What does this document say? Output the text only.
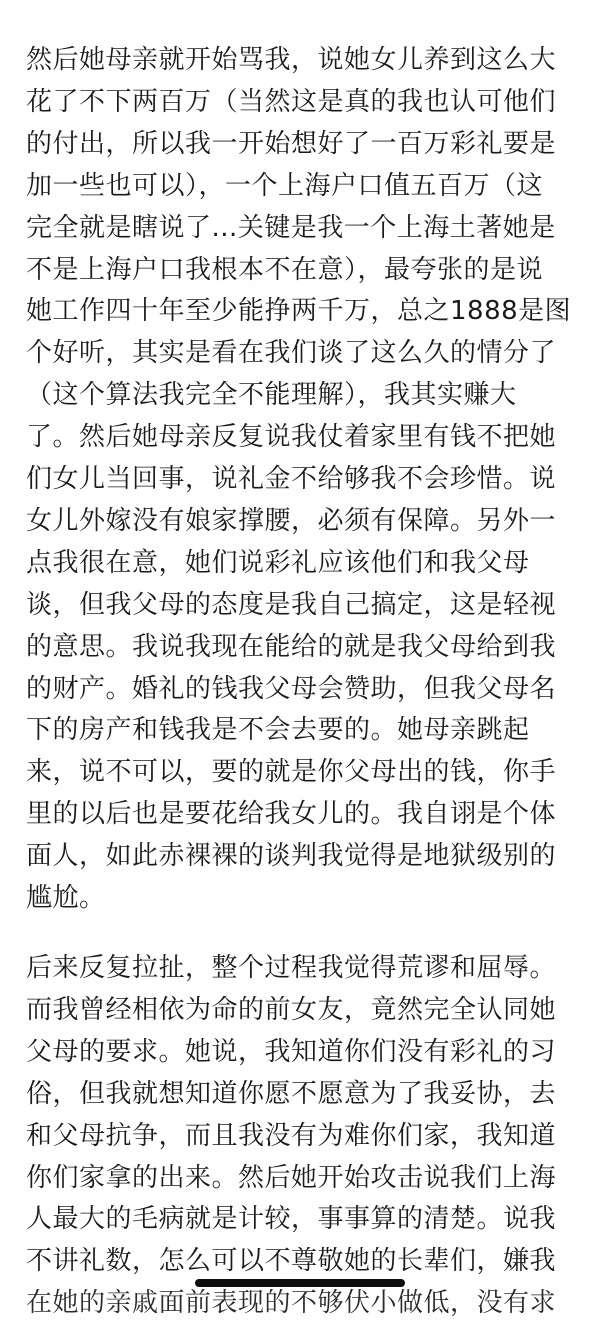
然后她母亲就开始骂我，说她女儿养到这么大
花了不下两百万（当然这是真的我也认可他们
的付出，所以我一开始想好了一百万彩礼要是
加一些也可以），一个上海户口值五百万（这
完全就是瞎说了...关键是我一个上海土著她是
不是上海户口我根本不在意），最夸张的是说
她工作四十年至少能挣两千万，总之1888是图
个好听，其实是看在我们谈了这么久的情分了
（这个算法我完全不能理解），我其实赚大
了。然后她母亲反复说我仗着家里有钱不把她
们女儿当回事，说礼金不给够我不会珍惜。说
女儿外嫁没有娘家撑腰，必须有保障。另外一
点我很在意，她们说彩礼应该他们和我父母
谈，但我父母的态度是我自己搞定，这是轻视
的意思。我说我现在能给的就是我父母给到我
的财产。婚礼的钱我父母会赞助，但我父母名
下的房产和钱我是不会去要的。她母亲跳起
来，说不可以，要的就是你父母出的钱，你手
里的以后也是要花给我女儿的。我自诩是个体
面人，如此赤裸裸的谈判我觉得是地狱级别的
尴尬。
后来反复拉扯，整个过程我觉得荒谬和屈辱。
而我曾经相依为命的前女友，竟然完全认同她
父母的要求。她说，我知道你们没有彩礼的习
俗，但我就想知道你愿不愿意为了我妥协，去
和父母抗争，而且我没有为难你们家，我知道
你们家拿的出来。然后她开始攻击说我们上海
人最大的毛病就是计较，事事算的清楚。说我
不讲礼数，怎么可以不尊敬她的长辈们，嫌我
在她的亲戚面前表现的不够伏小做低，没有求
